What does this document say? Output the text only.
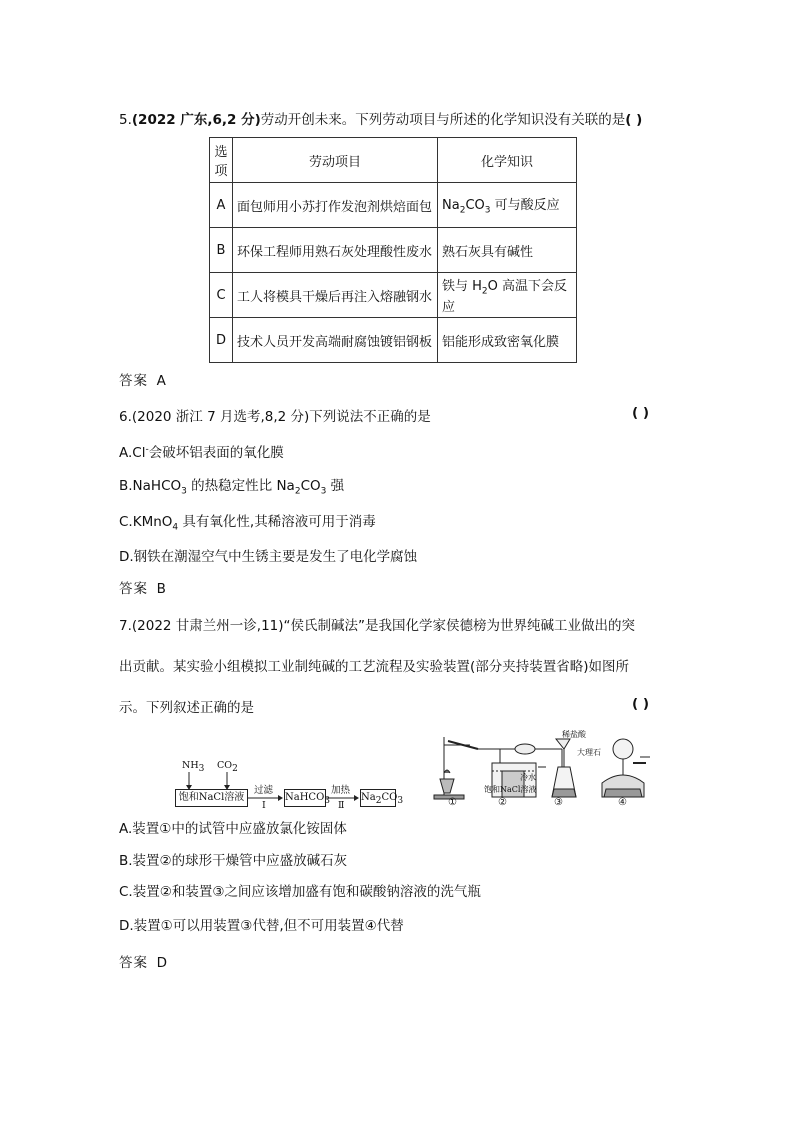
5.(2022 广东,6,2 分)劳动开创未来。下列劳动项目与所述的化学知识没有关联的是( )
选项	劳动项目	化学知识
A	面包师用小苏打作发泡剂烘焙面包	$Na_2CO_3$ 可与酸反应
B	环保工程师用熟石灰处理酸性废水	熟石灰具有碱性
C	工人将模具干燥后再注入熔融钢水	铁与 $H_2O$ 高温下会反应
D	技术人员开发高端耐腐蚀镀铝钢板	铝能形成致密氧化膜
答案 A
6.(2020 浙江 7 月选考,8,2 分)下列说法不正确的是	( )
A.Cl-会破坏铝表面的氧化膜
B.NaHCO$_3$ 的热稳定性比 $Na_2CO_3$ 强
C.KMnO$_4$ 具有氧化性,其稀溶液可用于消毒
D.钢铁在潮湿空气中生锈主要是发生了电化学腐蚀
答案 B
7.(2022 甘肃兰州一诊,11)“侯氏制碱法”是我国化学家侯德榜为世界纯碱工业做出的突
出贡献。某实验小组模拟工业制纯碱的工艺流程及实验装置(部分夹持装置省略)如图所
示。下列叙述正确的是	( )
$NH_3$ $CO_2$
饱和NaCl溶液
过滤
Ⅰ
NaHCO$_3$
加热
Ⅱ
$Na_2CO_3$
稀盐酸
大理石
冷水
饱和NaCl溶液
①	②	③	④
A.装置①中的试管中应盛放氯化铵固体
B.装置②的球形干燥管中应盛放碱石灰
C.装置②和装置③之间应该增加盛有饱和碳酸钠溶液的洗气瓶
D.装置①可以用装置③代替,但不可用装置④代替
答案 D
